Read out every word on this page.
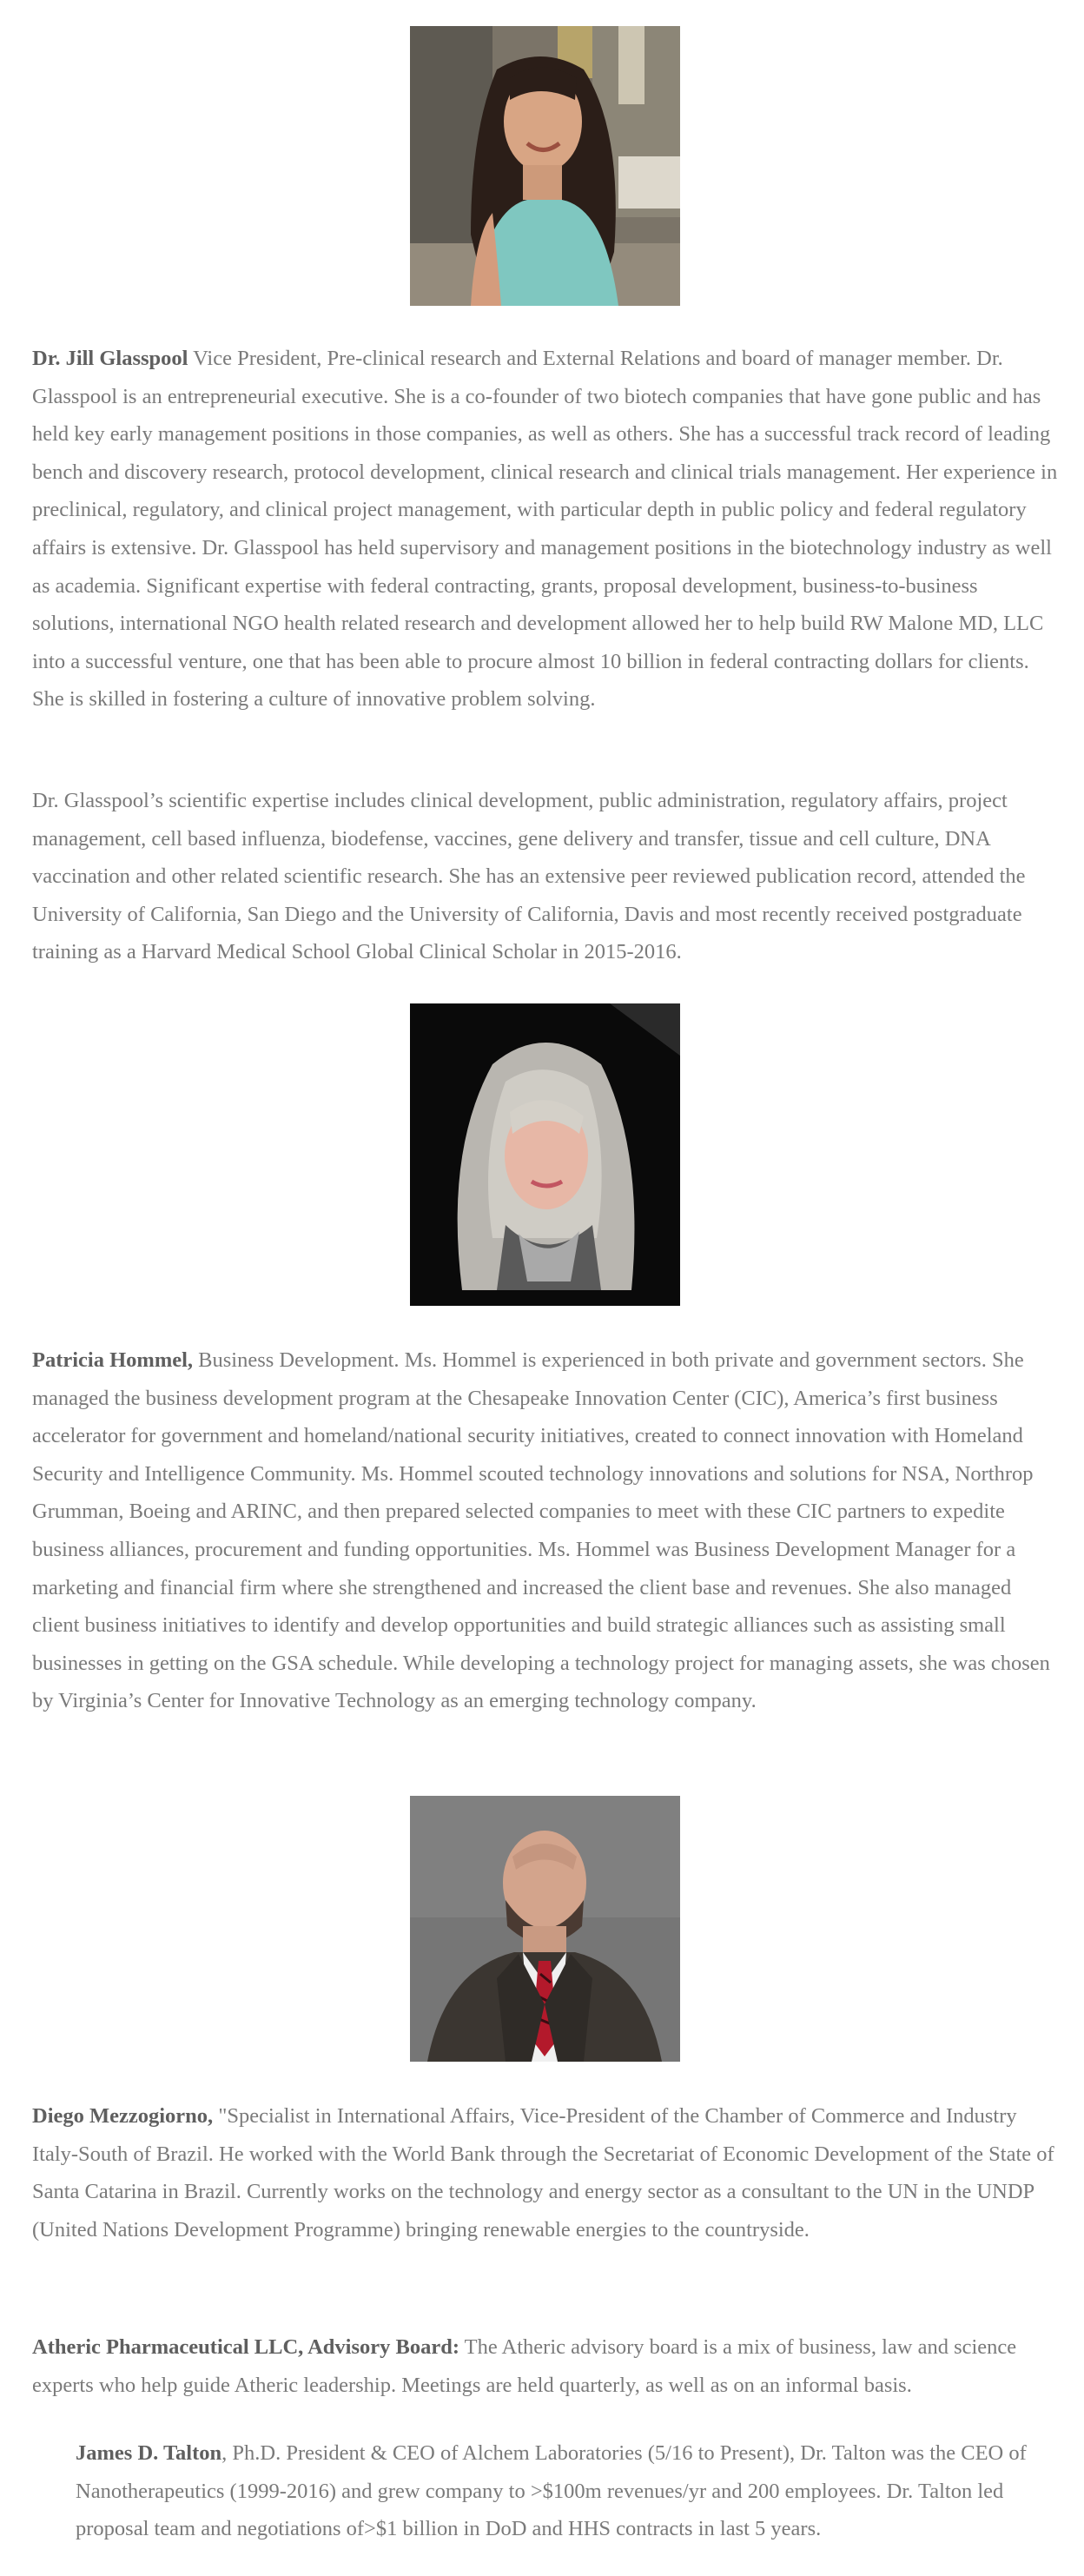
Dr. Jill Glasspool Vice President, Pre-clinical research and External Relations and board of manager member. Dr. Glasspool is an entrepreneurial executive. She is a co-founder of two biotech companies that have gone public and has held key early management positions in those companies, as well as others. She has a successful track record of leading bench and discovery research, protocol development, clinical research and clinical trials management. Her experience in preclinical, regulatory, and clinical project management, with particular depth in public policy and federal regulatory affairs is extensive. Dr. Glasspool has held supervisory and management positions in the biotechnology industry as well as academia. Significant expertise with federal contracting, grants, proposal development, business-to-business solutions, international NGO health related research and development allowed her to help build RW Malone MD, LLC into a successful venture, one that has been able to procure almost 10 billion in federal contracting dollars for clients. She is skilled in fostering a culture of innovative problem solving.

Dr. Glasspool’s scientific expertise includes clinical development, public administration, regulatory affairs, project management, cell based influenza, biodefense, vaccines, gene delivery and transfer, tissue and cell culture, DNA vaccination and other related scientific research. She has an extensive peer reviewed publication record, attended the University of California, San Diego and the University of California, Davis and most recently received postgraduate training as a Harvard Medical School Global Clinical Scholar in 2015-2016.

Patricia Hommel, Business Development. Ms. Hommel is experienced in both private and government sectors. She managed the business development program at the Chesapeake Innovation Center (CIC), America’s first business accelerator for government and homeland/national security initiatives, created to connect innovation with Homeland Security and Intelligence Community. Ms. Hommel scouted technology innovations and solutions for NSA, Northrop Grumman, Boeing and ARINC, and then prepared selected companies to meet with these CIC partners to expedite business alliances, procurement and funding opportunities. Ms. Hommel was Business Development Manager for a marketing and financial firm where she strengthened and increased the client base and revenues. She also managed client business initiatives to identify and develop opportunities and build strategic alliances such as assisting small businesses in getting on the GSA schedule. While developing a technology project for managing assets, she was chosen by Virginia’s Center for Innovative Technology as an emerging technology company.

Diego Mezzogiorno, "Specialist in International Affairs, Vice-President of the Chamber of Commerce and Industry Italy-South of Brazil. He worked with the World Bank through the Secretariat of Economic Development of the State of Santa Catarina in Brazil. Currently works on the technology and energy sector as a consultant to the UN in the UNDP (United Nations Development Programme) bringing renewable energies to the countryside.

Atheric Pharmaceutical LLC, Advisory Board: The Atheric advisory board is a mix of business, law and science experts who help guide Atheric leadership. Meetings are held quarterly, as well as on an informal basis.

James D. Talton, Ph.D. President & CEO of Alchem Laboratories (5/16 to Present), Dr. Talton was the CEO of Nanotherapeutics (1999-2016) and grew company to >$100m revenues/yr and 200 employees. Dr. Talton led proposal team and negotiations of>$1 billion in DoD and HHS contracts in last 5 years.
